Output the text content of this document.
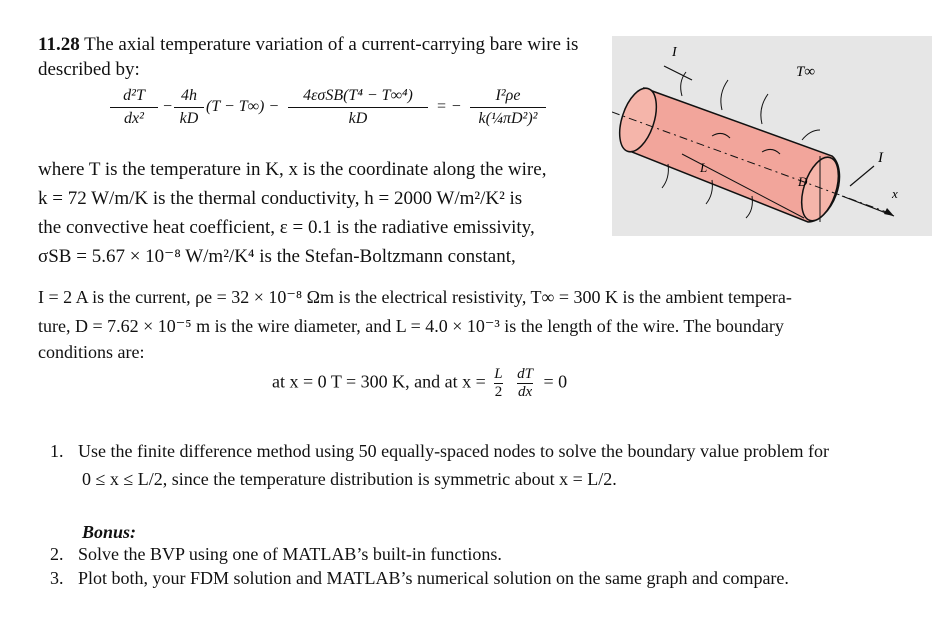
11.28 The axial temperature variation of a current-carrying bare wire is described by:
d²T
dx²
−
4h
kD
(T − T∞) −
4εσSB(T⁴ − T∞⁴)
kD
= −
I²ρe
k(¼πD²)²
where T is the temperature in K, x is the coordinate along the wire,
k = 72 W/m/K is the thermal conductivity, h = 2000 W/m²/K² is
the convective heat coefficient, ε = 0.1 is the radiative emissivity,
σSB = 5.67 × 10⁻⁸ W/m²/K⁴ is the Stefan-Boltzmann constant,
I = 2 A is the current, ρe = 32 × 10⁻⁸ Ωm is the electrical resistivity, T∞ = 300 K is the ambient tempera-
ture, D = 7.62 × 10⁻⁵ m is the wire diameter, and L = 4.0 × 10⁻³ is the length of the wire. The boundary
conditions are:
at x = 0 T = 300 K, and at $x = \frac{L}{2}$
$\frac{dT}{dx} = 0$
1. Use the finite difference method using 50 equally-spaced nodes to solve the boundary value problem for
0 ≤ x ≤ L/2, since the temperature distribution is symmetric about x = L/2.
Bonus:
2. Solve the BVP using one of MATLAB’s built-in functions.
3. Plot both, your FDM solution and MATLAB’s numerical solution on the same graph and compare.
I
I
T∞
L
D
x
